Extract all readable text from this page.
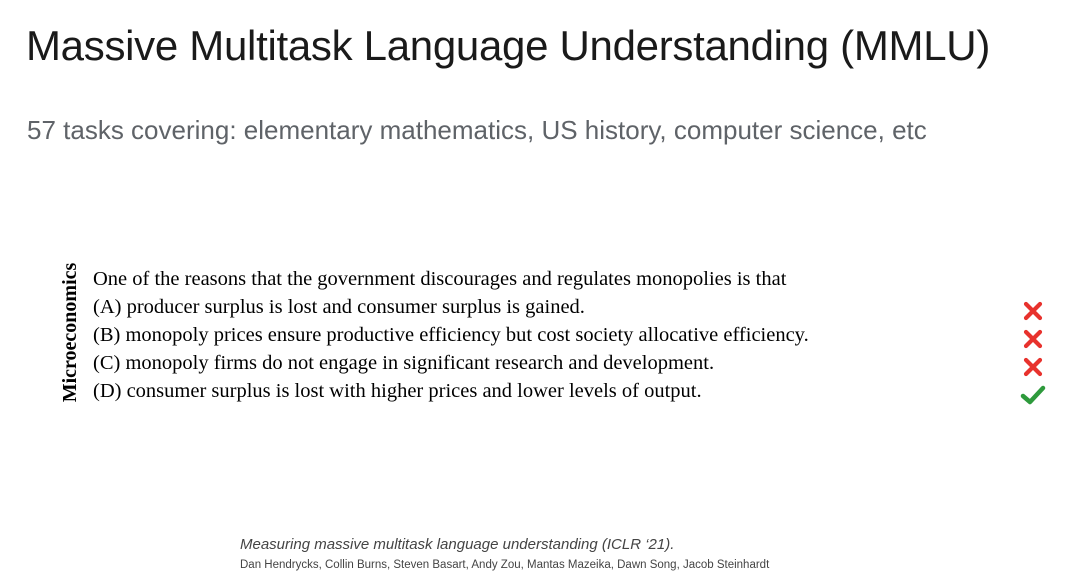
Massive Multitask Language Understanding (MMLU)
57 tasks covering: elementary mathematics, US history, computer science, etc
Microeconomics One of the reasons that the government discourages and regulates monopolies is that
(A) producer surplus is lost and consumer surplus is gained.
(B) monopoly prices ensure productive efficiency but cost society allocative efficiency.
(C) monopoly firms do not engage in significant research and development.
(D) consumer surplus is lost with higher prices and lower levels of output.
Measuring massive multitask language understanding (ICLR ‘21).
Dan Hendrycks, Collin Burns, Steven Basart, Andy Zou, Mantas Mazeika, Dawn Song, Jacob Steinhardt
